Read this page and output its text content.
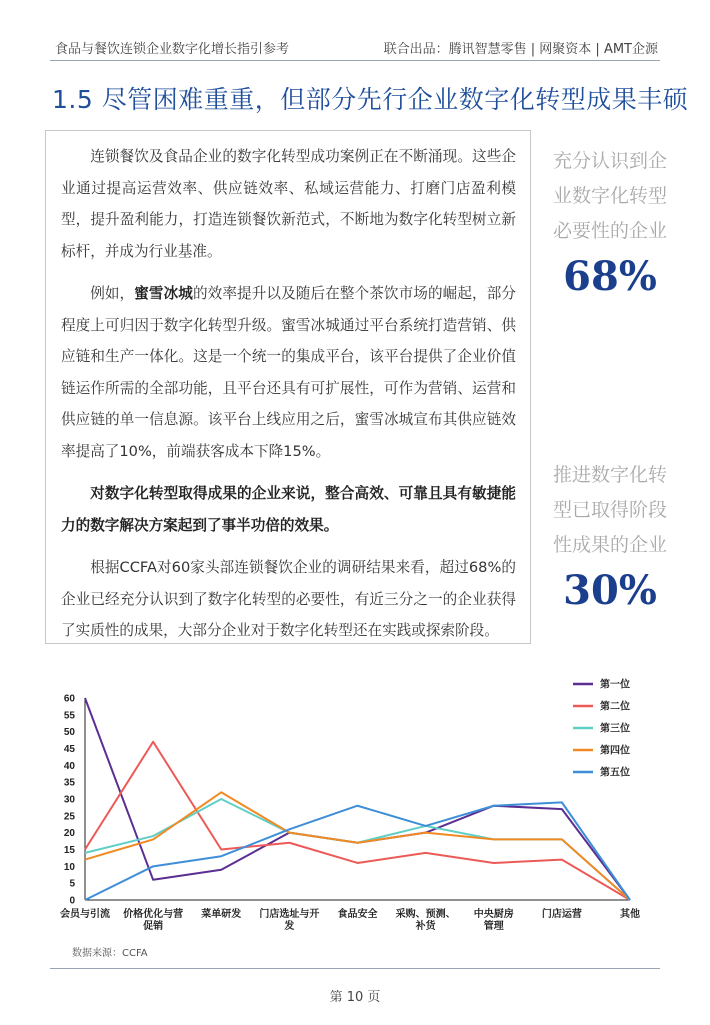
食品与餐饮连锁企业数字化增长指引参考	联合出品：腾讯智慧零售 | 网聚资本 | AMT企源
1.5 尽管困难重重，但部分先行企业数字化转型成果丰硕

连锁餐饮及食品企业的数字化转型成功案例正在不断涌现。这些企业通过提高运营效率、供应链效率、私域运营能力、打磨门店盈利模型，提升盈利能力，打造连锁餐饮新范式，不断地为数字化转型树立新标杆，并成为行业基准。

例如，蜜雪冰城的效率提升以及随后在整个茶饮市场的崛起，部分程度上可归因于数字化转型升级。蜜雪冰城通过平台系统打造营销、供应链和生产一体化。这是一个统一的集成平台，该平台提供了企业价值链运作所需的全部功能，且平台还具有可扩展性，可作为营销、运营和供应链的单一信息源。该平台上线应用之后，蜜雪冰城宣布其供应链效率提高了10%，前端获客成本下降15%。

对数字化转型取得成果的企业来说，整合高效、可靠且具有敏捷能力的数字解决方案起到了事半功倍的效果。

根据CCFA对60家头部连锁餐饮企业的调研结果来看，超过68%的企业已经充分认识到了数字化转型的必要性，有近三分之一的企业获得了实质性的成果，大部分企业对于数字化转型还在实践或探索阶段。

充分认识到企
业数字化转型
必要性的企业
68%
推进数字化转
型已取得阶段
性成果的企业
30%
0
5
10
15
20
25
30
35
40
45
50
55
60
会员与引流 价格优化与营促销
菜单研发 门店选址与开发
食品安全 采购、预测、补货
中央厨房管理
门店运营	其他
第一位
第二位
第三位
第四位
第五位
数据来源：CCFA
第 10 页
